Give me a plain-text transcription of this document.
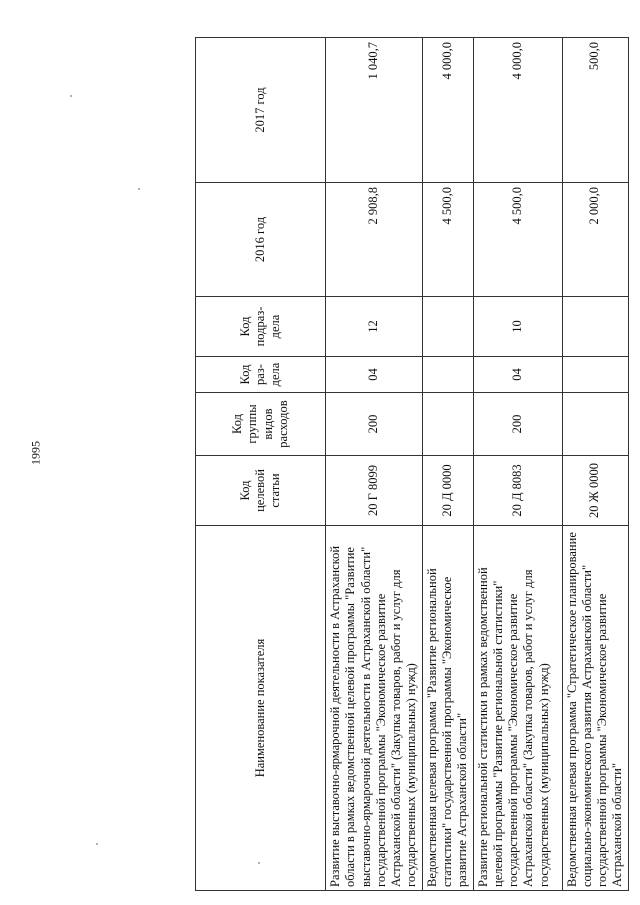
1995
Наименование показателя	Код целевой статьи	Код группы видов расходов	Код раз-дела	Код подраз-дела	2016 год	2017 год
Развитие выставочно-ярмарочной деятельности в Астраханской области в рамках ведомственной целевой программы "Развитие выставочно-ярмарочной деятельности в Астраханской области" государственной программы "Экономическое развитие Астраханской области" (Закупка товаров, работ и услуг для государственных (муниципальных) нужд)	20 Г 8099	200	04	12	2 908,8	1 040,7
Ведомственная целевая программа "Развитие региональной статистики" государственной программы "Экономическое развитие Астраханской области"	20 Д 0000				4 500,0	4 000,0
Развитие региональной статистики в рамках ведомственной целевой программы "Развитие региональной статистики" государственной программы "Экономическое развитие Астраханской области" (Закупка товаров, работ и услуг для государственных (муниципальных) нужд)	20 Д 8083	200	04	10	4 500,0	4 000,0
Ведомственная целевая программа "Стратегическое планирование социально-экономического развития Астраханской области" государственной программы "Экономическое развитие Астраханской области"	20 Ж 0000				2 000,0	500,0
